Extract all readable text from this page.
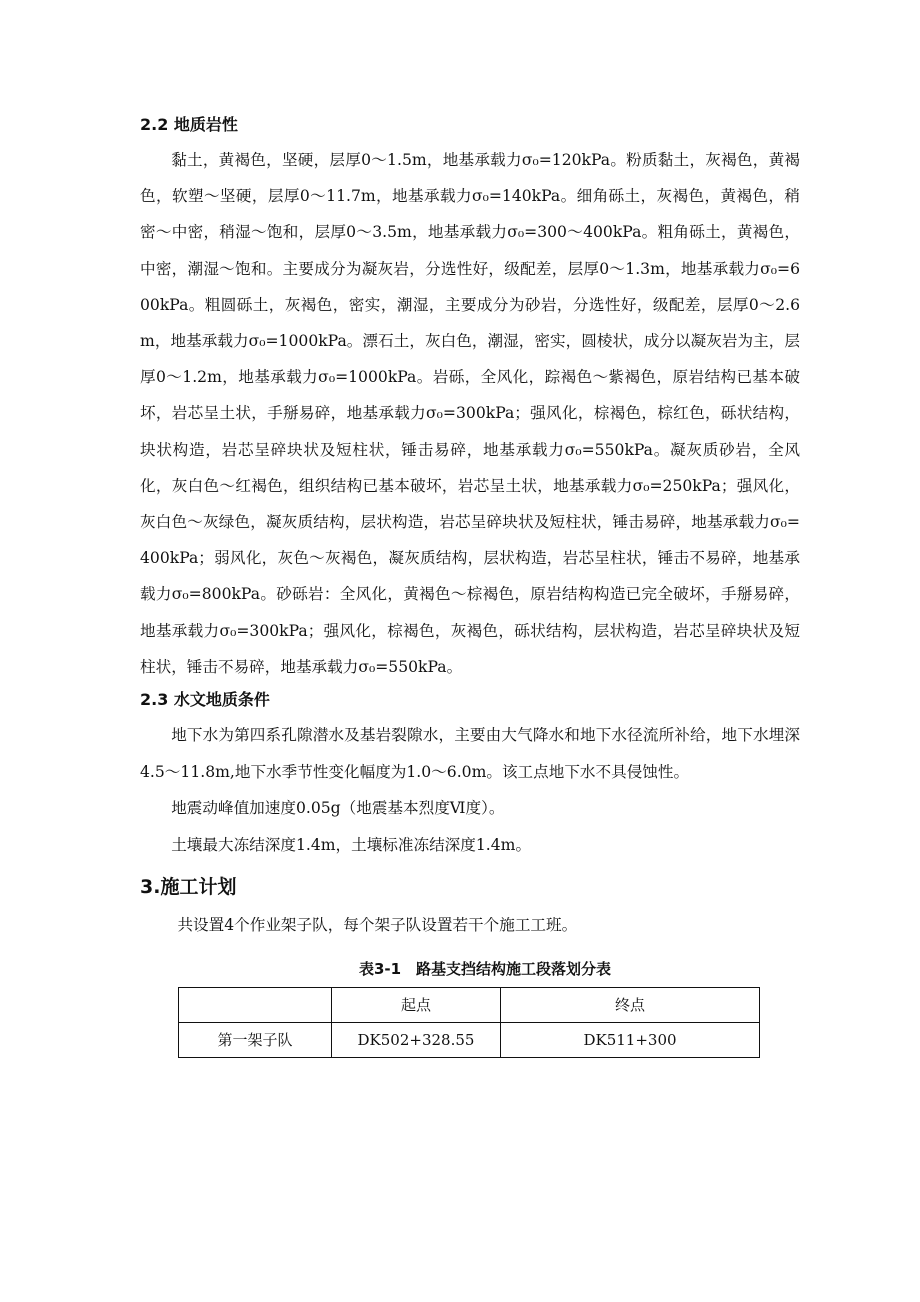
2.2 地质岩性

黏土，黄褐色，坚硬，层厚0～1.5m，地基承载力σ₀=120kPa。粉质黏土，灰褐色，黄褐色，软塑～坚硬，层厚0～11.7m，地基承载力σ₀=140kPa。细角砾土，灰褐色，黄褐色，稍密～中密，稍湿～饱和，层厚0～3.5m，地基承载力σ₀=300～400kPa。粗角砾土，黄褐色，中密，潮湿～饱和。主要成分为凝灰岩，分选性好，级配差，层厚0～1.3m，地基承载力σ₀=600kPa。粗圆砾土，灰褐色，密实，潮湿，主要成分为砂岩，分选性好，级配差，层厚0～2.6m，地基承载力σ₀=1000kPa。漂石土，灰白色，潮湿，密实，圆棱状，成分以凝灰岩为主，层厚0～1.2m，地基承载力σ₀=1000kPa。岩砾，全风化，踪褐色～紫褐色，原岩结构已基本破坏，岩芯呈土状，手掰易碎，地基承载力σ₀=300kPa；强风化，棕褐色，棕红色，砾状结构，块状构造，岩芯呈碎块状及短柱状，锤击易碎，地基承载力σ₀=550kPa。凝灰质砂岩，全风化，灰白色～红褐色，组织结构已基本破坏，岩芯呈土状，地基承载力σ₀=250kPa；强风化，灰白色～灰绿色，凝灰质结构，层状构造，岩芯呈碎块状及短柱状，锤击易碎，地基承载力σ₀=400kPa；弱风化，灰色～灰褐色，凝灰质结构，层状构造，岩芯呈柱状，锤击不易碎，地基承载力σ₀=800kPa。砂砾岩：全风化，黄褐色～棕褐色，原岩结构构造已完全破坏，手掰易碎，地基承载力σ₀=300kPa；强风化，棕褐色，灰褐色，砾状结构，层状构造，岩芯呈碎块状及短柱状，锤击不易碎，地基承载力σ₀=550kPa。

2.3 水文地质条件

地下水为第四系孔隙潜水及基岩裂隙水，主要由大气降水和地下水径流所补给，地下水埋深4.5～11.8m,地下水季节性变化幅度为1.0～6.0m。该工点地下水不具侵蚀性。

地震动峰值加速度0.05g（地震基本烈度Ⅵ度）。

土壤最大冻结深度1.4m，土壤标准冻结深度1.4m。

3.施工计划

共设置4个作业架子队，每个架子队设置若干个施工工班。

表3-1　路基支挡结构施工段落划分表
	起点	终点
第一架子队	DK502+328.55	DK511+300
